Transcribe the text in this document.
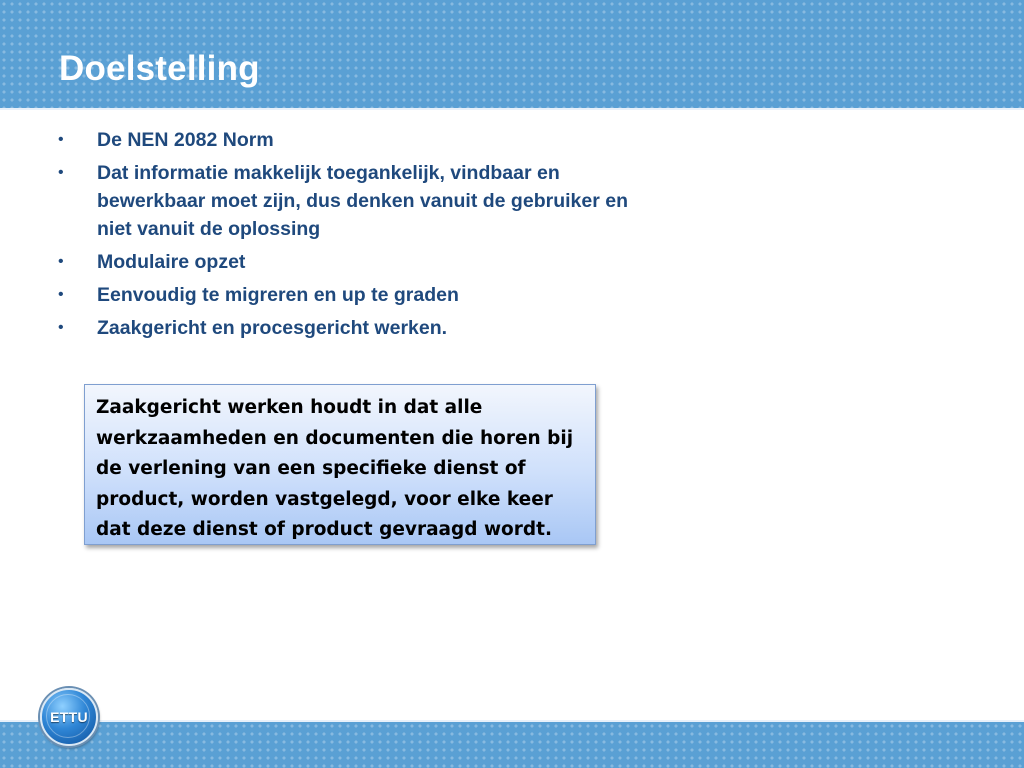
Doelstelling
• De NEN 2082 Norm
• Dat informatie makkelijk toegankelijk, vindbaar en bewerkbaar moet zijn, dus denken vanuit de gebruiker en niet vanuit de oplossing
• Modulaire opzet
• Eenvoudig te migreren en up te graden
• Zaakgericht en procesgericht werken.
Zaakgericht werken houdt in dat alle werkzaamheden en documenten die horen bij de verlening van een specifieke dienst of product, worden vastgelegd, voor elke keer dat deze dienst of product gevraagd wordt.
ETTU
